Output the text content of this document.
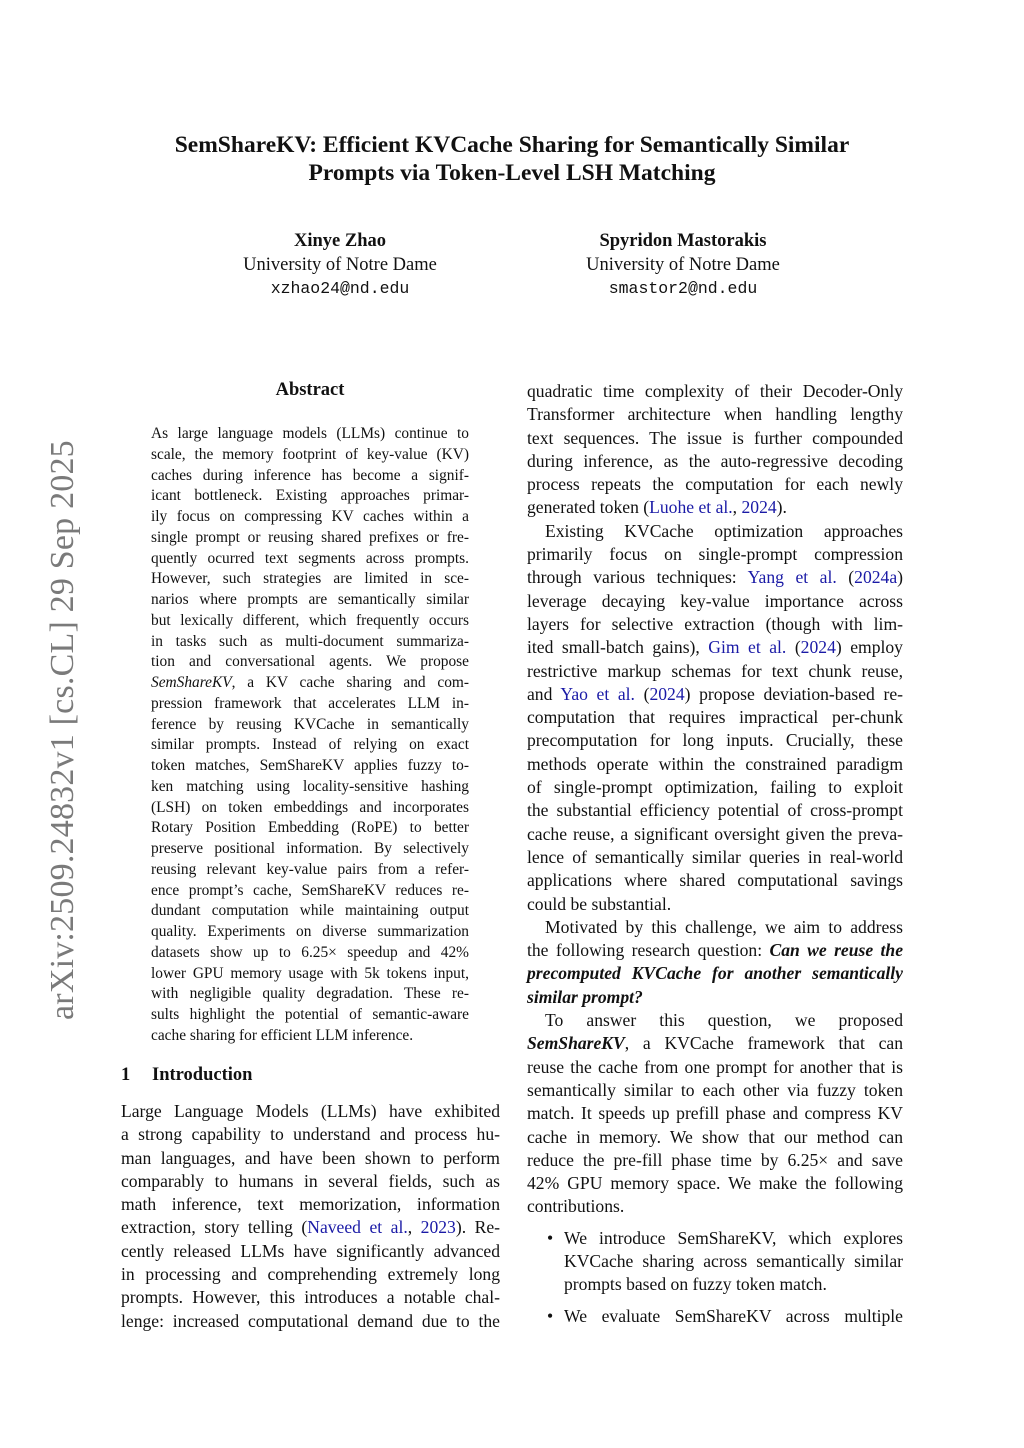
arXiv:2509.24832v1 [cs.CL] 29 Sep 2025
SemShareKV: Efficient KVCache Sharing for Semantically Similar
Prompts via Token-Level LSH Matching
Xinye Zhao
University of Notre Dame
xzhao24@nd.edu
Spyridon Mastorakis
University of Notre Dame
smastor2@nd.edu
Abstract
As large language models (LLMs) continue to
scale, the memory footprint of key-value (KV)
caches during inference has become a signif-
icant bottleneck. Existing approaches primar-
ily focus on compressing KV caches within a
single prompt or reusing shared prefixes or fre-
quently ocurred text segments across prompts.
However, such strategies are limited in sce-
narios where prompts are semantically similar
but lexically different, which frequently occurs
in tasks such as multi-document summariza-
tion and conversational agents. We propose
SemShareKV, a KV cache sharing and com-
pression framework that accelerates LLM in-
ference by reusing KVCache in semantically
similar prompts. Instead of relying on exact
token matches, SemShareKV applies fuzzy to-
ken matching using locality-sensitive hashing
(LSH) on token embeddings and incorporates
Rotary Position Embedding (RoPE) to better
preserve positional information. By selectively
reusing relevant key-value pairs from a refer-
ence prompt’s cache, SemShareKV reduces re-
dundant computation while maintaining output
quality. Experiments on diverse summarization
datasets show up to 6.25× speedup and 42%
lower GPU memory usage with 5k tokens input,
with negligible quality degradation. These re-
sults highlight the potential of semantic-aware
cache sharing for efficient LLM inference.
1 Introduction
Large Language Models (LLMs) have exhibited
a strong capability to understand and process hu-
man languages, and have been shown to perform
comparably to humans in several fields, such as
math inference, text memorization, information
extraction, story telling (Naveed et al., 2023). Re-
cently released LLMs have significantly advanced
in processing and comprehending extremely long
prompts. However, this introduces a notable chal-
lenge: increased computational demand due to the
quadratic time complexity of their Decoder-Only
Transformer architecture when handling lengthy
text sequences. The issue is further compounded
during inference, as the auto-regressive decoding
process repeats the computation for each newly
generated token (Luohe et al., 2024).
Existing KVCache optimization approaches
primarily focus on single-prompt compression
through various techniques: Yang et al. (2024a)
leverage decaying key-value importance across
layers for selective extraction (though with lim-
ited small-batch gains), Gim et al. (2024) employ
restrictive markup schemas for text chunk reuse,
and Yao et al. (2024) propose deviation-based re-
computation that requires impractical per-chunk
precomputation for long inputs. Crucially, these
methods operate within the constrained paradigm
of single-prompt optimization, failing to exploit
the substantial efficiency potential of cross-prompt
cache reuse, a significant oversight given the preva-
lence of semantically similar queries in real-world
applications where shared computational savings
could be substantial.
Motivated by this challenge, we aim to address
the following research question: Can we reuse the
precomputed KVCache for another semantically
similar prompt?
To answer this question, we proposed
SemShareKV, a KVCache framework that can
reuse the cache from one prompt for another that is
semantically similar to each other via fuzzy token
match. It speeds up prefill phase and compress KV
cache in memory. We show that our method can
reduce the pre-fill phase time by 6.25× and save
42% GPU memory space. We make the following
contributions.
• We introduce SemShareKV, which explores
KVCache sharing across semantically similar
prompts based on fuzzy token match.
• We evaluate SemShareKV across multiple
